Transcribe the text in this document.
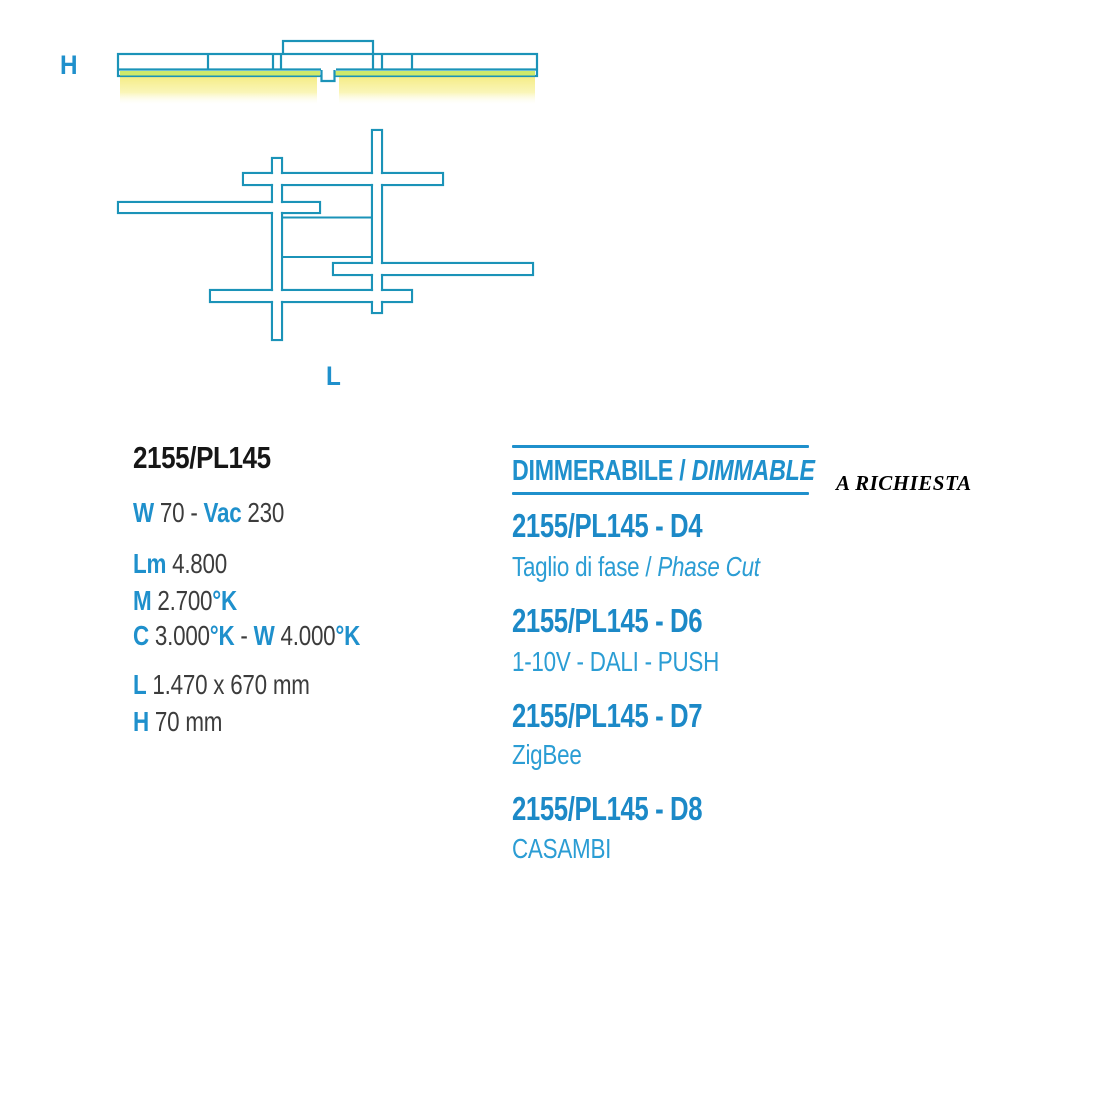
H
L
2155/PL145
W 70 - Vac 230
Lm 4.800
M 2.700°K
C 3.000°K - W 4.000°K
L 1.470 x 670 mm
H 70 mm
DIMMERABILE / DIMMABLE A RICHIESTA
2155/PL145 - D4
Taglio di fase / Phase Cut
2155/PL145 - D6
1-10V - DALI - PUSH
2155/PL145 - D7
ZigBee
2155/PL145 - D8
CASAMBI
